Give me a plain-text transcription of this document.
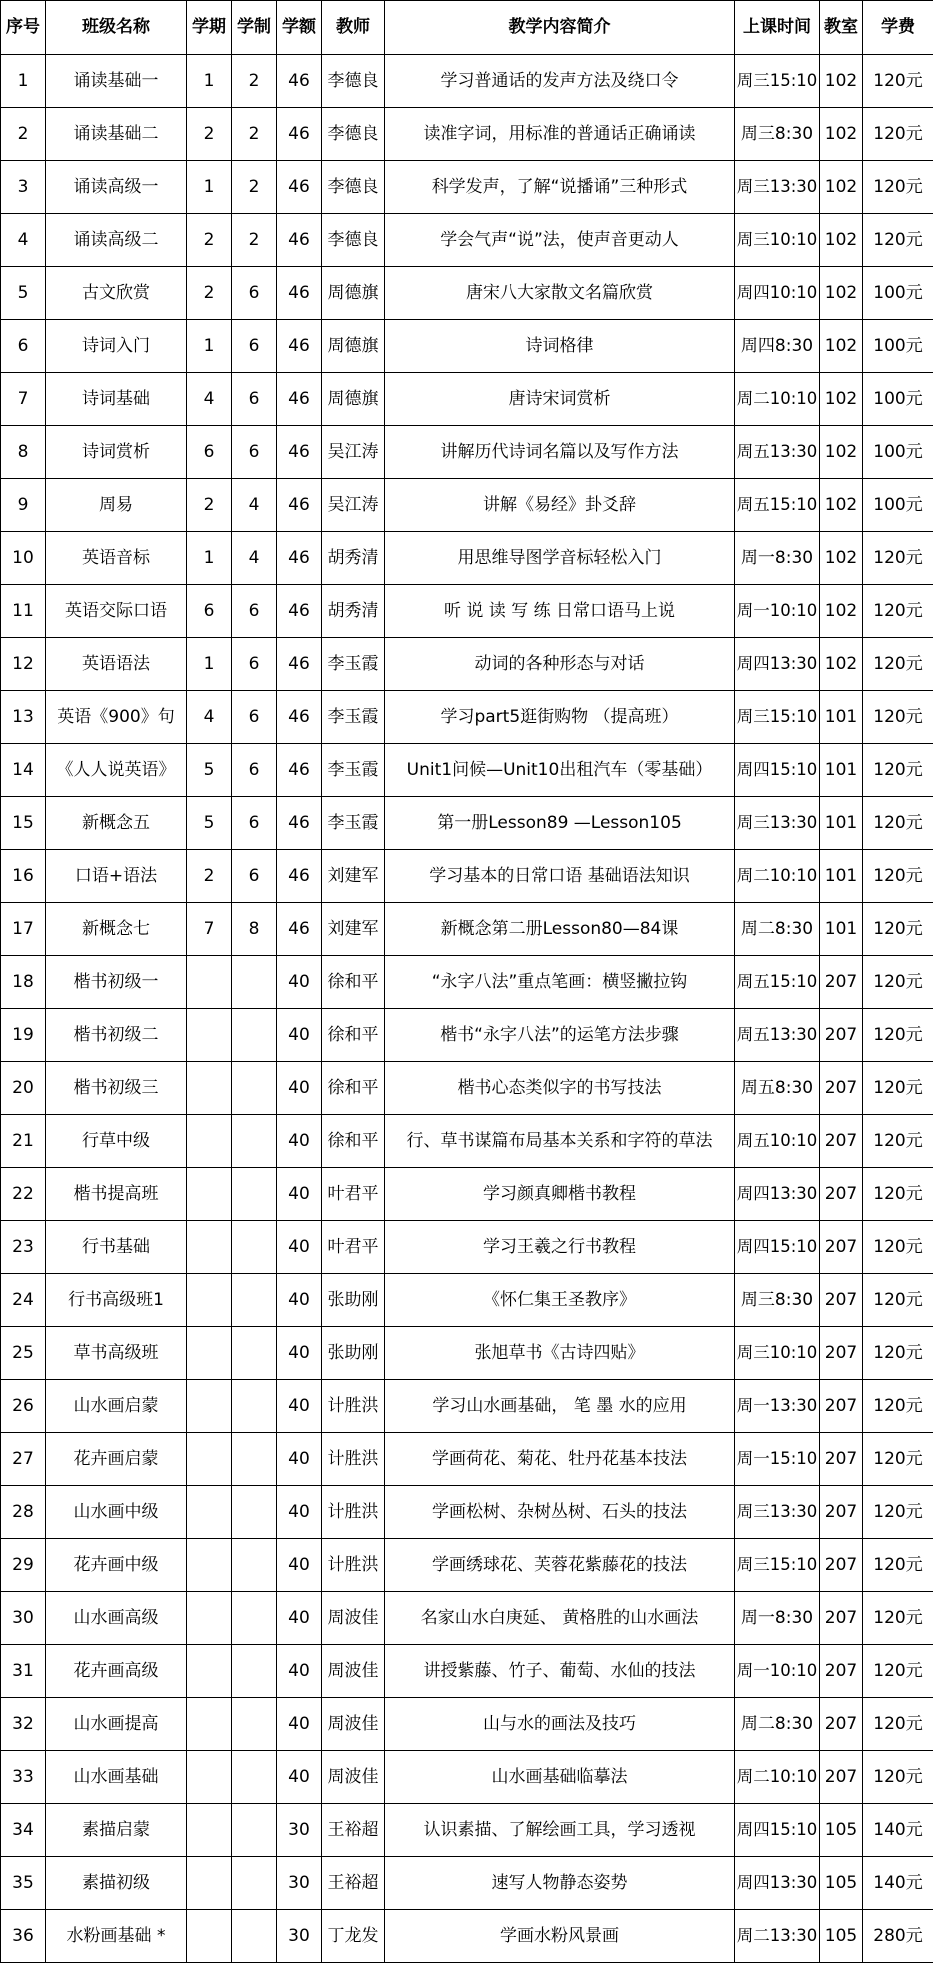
序号	班级名称	学期	学制	学额	教师	教学内容简介	上课时间	教室	学费
1	诵读基础一	1	2	46	李德良	学习普通话的发声方法及绕口令	周三15:10	102	120元
2	诵读基础二	2	2	46	李德良	读准字词，用标准的普通话正确诵读	周三8:30	102	120元
3	诵读高级一	1	2	46	李德良	科学发声，了解“说播诵”三种形式	周三13:30	102	120元
4	诵读高级二	2	2	46	李德良	学会气声“说”法，使声音更动人	周三10:10	102	120元
5	古文欣赏	2	6	46	周德旗	唐宋八大家散文名篇欣赏	周四10:10	102	100元
6	诗词入门	1	6	46	周德旗	诗词格律	周四8:30	102	100元
7	诗词基础	4	6	46	周德旗	唐诗宋词赏析	周二10:10	102	100元
8	诗词赏析	6	6	46	吴江涛	讲解历代诗词名篇以及写作方法	周五13:30	102	100元
9	周易	2	4	46	吴江涛	讲解《易经》卦爻辞	周五15:10	102	100元
10	英语音标	1	4	46	胡秀清	用思维导图学音标轻松入门	周一8:30	102	120元
11	英语交际口语	6	6	46	胡秀清	听 说 读 写 练 日常口语马上说	周一10:10	102	120元
12	英语语法	1	6	46	李玉霞	动词的各种形态与对话	周四13:30	102	120元
13	英语《900》句	4	6	46	李玉霞	学习part5逛街购物 （提高班）	周三15:10	101	120元
14	《人人说英语》	5	6	46	李玉霞	Unit1问候—Unit10出租汽车（零基础）	周四15:10	101	120元
15	新概念五	5	6	46	李玉霞	第一册Lesson89 —Lesson105	周三13:30	101	120元
16	口语+语法	2	6	46	刘建军	学习基本的日常口语 基础语法知识	周二10:10	101	120元
17	新概念七	7	8	46	刘建军	新概念第二册Lesson80—84课	周二8:30	101	120元
18	楷书初级一			40	徐和平	“永字八法”重点笔画：横竖撇拉钩	周五15:10	207	120元
19	楷书初级二			40	徐和平	楷书“永字八法”的运笔方法步骤	周五13:30	207	120元
20	楷书初级三			40	徐和平	楷书心态类似字的书写技法	周五8:30	207	120元
21	行草中级			40	徐和平	行、草书谋篇布局基本关系和字符的草法	周五10:10	207	120元
22	楷书提高班			40	叶君平	学习颜真卿楷书教程	周四13:30	207	120元
23	行书基础			40	叶君平	学习王羲之行书教程	周四15:10	207	120元
24	行书高级班1			40	张助刚	《怀仁集王圣教序》	周三8:30	207	120元
25	草书高级班			40	张助刚	张旭草书《古诗四贴》	周三10:10	207	120元
26	山水画启蒙			40	计胜洪	学习山水画基础， 笔 墨 水的应用	周一13:30	207	120元
27	花卉画启蒙			40	计胜洪	学画荷花、菊花、牡丹花基本技法	周一15:10	207	120元
28	山水画中级			40	计胜洪	学画松树、杂树丛树、石头的技法	周三13:30	207	120元
29	花卉画中级			40	计胜洪	学画绣球花、芙蓉花紫藤花的技法	周三15:10	207	120元
30	山水画高级			40	周波佳	名家山水白庚延、 黄格胜的山水画法	周一8:30	207	120元
31	花卉画高级			40	周波佳	讲授紫藤、竹子、葡萄、水仙的技法	周一10:10	207	120元
32	山水画提高			40	周波佳	山与水的画法及技巧	周二8:30	207	120元
33	山水画基础			40	周波佳	山水画基础临摹法	周二10:10	207	120元
34	素描启蒙			30	王裕超	认识素描、了解绘画工具，学习透视	周四15:10	105	140元
35	素描初级			30	王裕超	速写人物静态姿势	周四13:30	105	140元
36	水粉画基础 *			30	丁龙发	学画水粉风景画	周二13:30	105	280元
